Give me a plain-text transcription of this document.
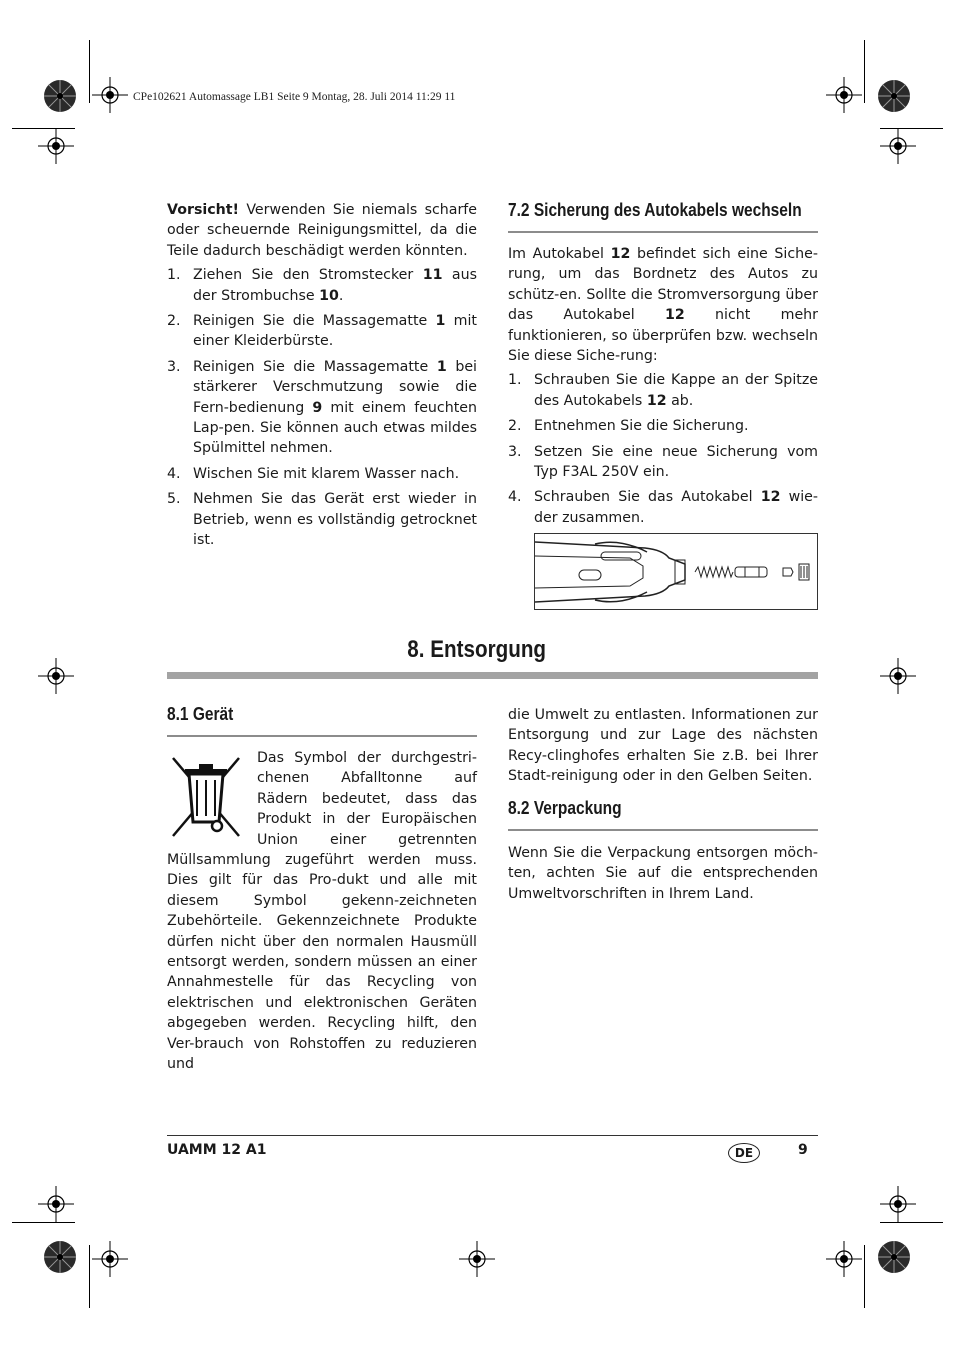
CPe102621 Automassage LB1 Seite 9 Montag, 28. Juli 2014 11:29 11

Vorsicht! Verwenden Sie niemals scharfe oder scheuernde Reinigungsmittel, da die Teile dadurch beschädigt werden könnten.

1. Ziehen Sie den Stromstecker 11 aus der Strombuchse 10.
2. Reinigen Sie die Massagematte 1 mit einer Kleiderbürste.
3. Reinigen Sie die Massagematte 1 bei stärkerer Verschmutzung sowie die Fern-bedienung 9 mit einem feuchten Lap-pen. Sie können auch etwas mildes Spülmittel nehmen.
4. Wischen Sie mit klarem Wasser nach.
5. Nehmen Sie das Gerät erst wieder in Betrieb, wenn es vollständig getrocknet ist.
7.2 Sicherung des Autokabels wechseln

Im Autokabel 12 befindet sich eine Siche-rung, um das Bordnetz des Autos zu schütz-en. Sollte die Stromversorgung über das Autokabel 12 nicht mehr funktionieren, so überprüfen bzw. wechseln Sie diese Siche-rung:

1. Schrauben Sie die Kappe an der Spitze des Autokabels 12 ab.
2. Entnehmen Sie die Sicherung.
3. Setzen Sie eine neue Sicherung vom Typ F3AL 250V ein.
4. Schrauben Sie das Autokabel 12 wie-der zusammen.
8. Entsorgung
8.1 Gerät

Das Symbol der durchgestri-chenen Abfalltonne auf Rädern bedeutet, dass das Produkt in der Europäischen Union einer getrennten Müllsammlung zugeführt werden muss. Dies gilt für das Pro-dukt und alle mit diesem Symbol gekenn-zeichneten Zubehörteile. Gekennzeichnete Produkte dürfen nicht über den normalen Hausmüll entsorgt werden, sondern müssen an einer Annahmestelle für das Recycling von elektrischen und elektronischen Geräten abgegeben werden. Recycling hilft, den Ver-brauch von Rohstoffen zu reduzieren und

die Umwelt zu entlasten. Informationen zur Entsorgung und zur Lage des nächsten Recy-clinghofes erhalten Sie z.B. bei Ihrer Stadt-reinigung oder in den Gelben Seiten.

8.2 Verpackung

Wenn Sie die Verpackung entsorgen möch-ten, achten Sie auf die entsprechenden Umweltvorschriften in Ihrem Land.

UAMM 12 A1	DE	9
